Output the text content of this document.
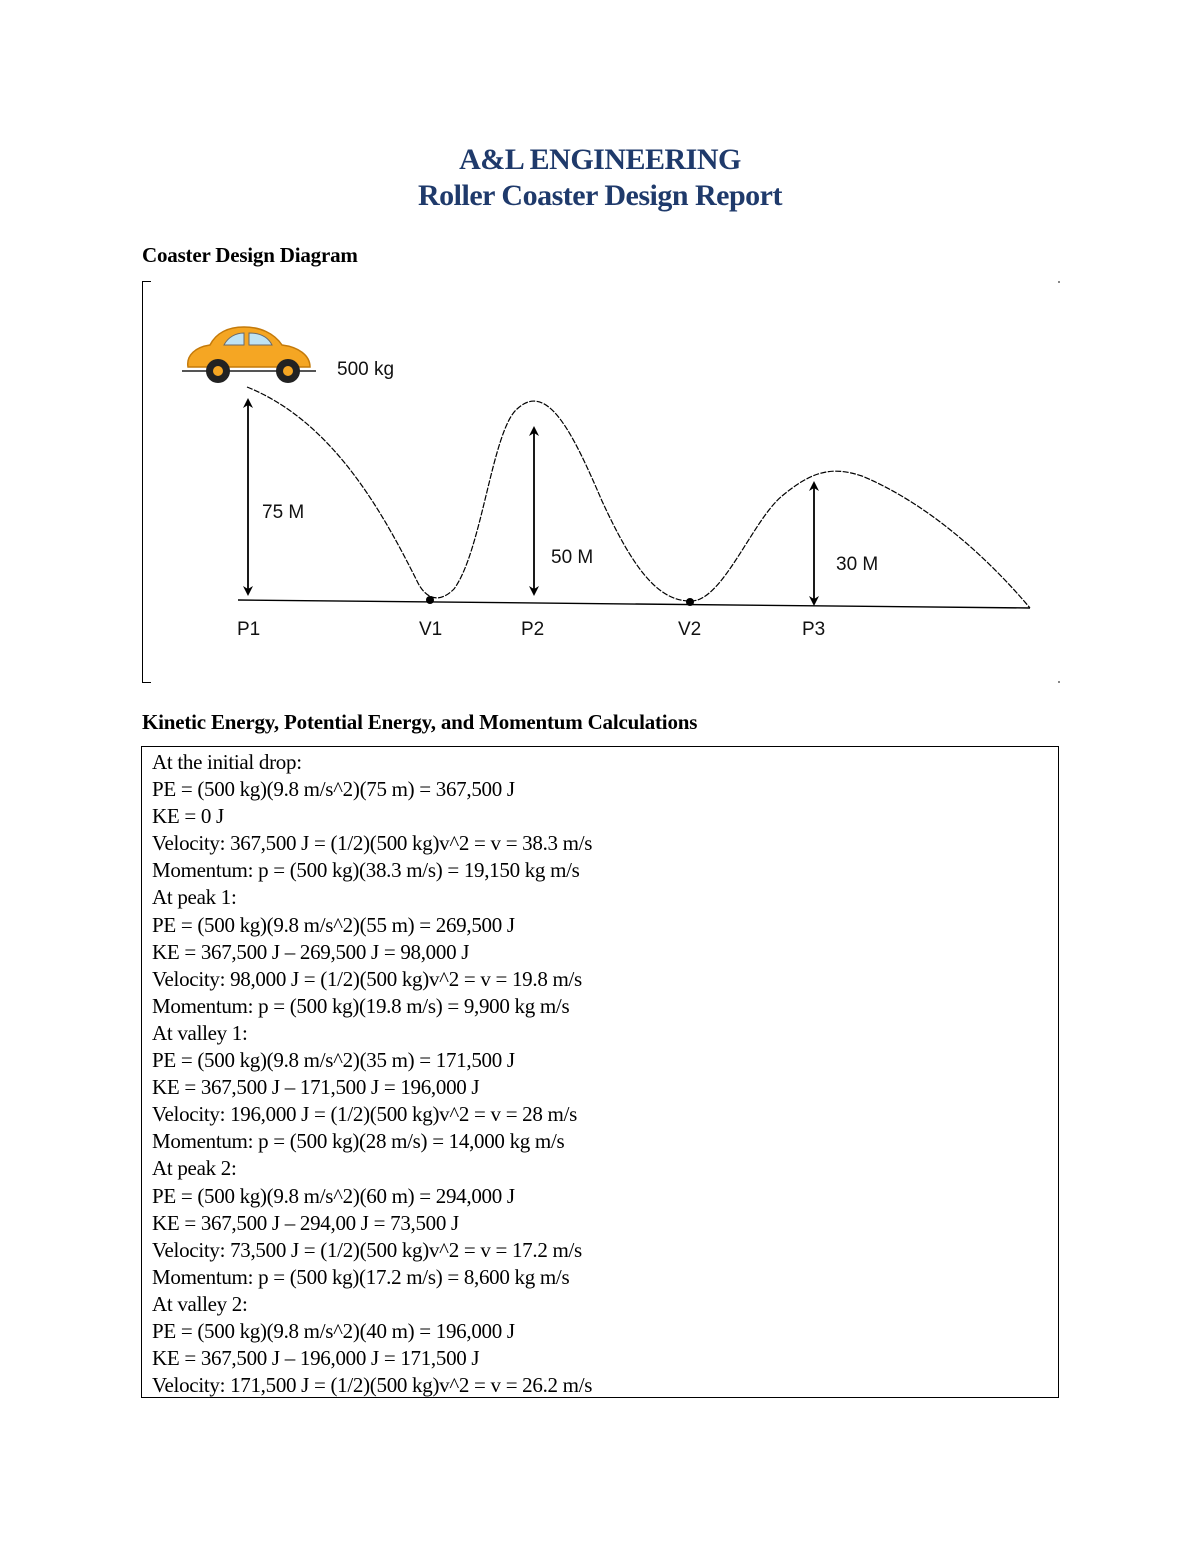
A&L ENGINEERING
Roller Coaster Design Report
Coaster Design Diagram
75 M
50 M	30 M
500 kg
P1	V1	P2	V2	P3
Kinetic Energy, Potential Energy, and Momentum Calculations
At the initial drop:
PE = (500 kg)(9.8 m/s^2)(75 m) = 367,500 J
KE = 0 J
Velocity: 367,500 J = (1/2)(500 kg)v^2 = v = 38.3 m/s
Momentum: p = (500 kg)(38.3 m/s) = 19,150 kg m/s
At peak 1:
PE = (500 kg)(9.8 m/s^2)(55 m) = 269,500 J
KE = 367,500 J – 269,500 J = 98,000 J
Velocity: 98,000 J = (1/2)(500 kg)v^2 = v = 19.8 m/s
Momentum: p = (500 kg)(19.8 m/s) = 9,900 kg m/s
At valley 1:
PE = (500 kg)(9.8 m/s^2)(35 m) = 171,500 J
KE = 367,500 J – 171,500 J = 196,000 J
Velocity: 196,000 J = (1/2)(500 kg)v^2 = v = 28 m/s
Momentum: p = (500 kg)(28 m/s) = 14,000 kg m/s
At peak 2:
PE = (500 kg)(9.8 m/s^2)(60 m) = 294,000 J
KE = 367,500 J – 294,00 J = 73,500 J
Velocity: 73,500 J = (1/2)(500 kg)v^2 = v = 17.2 m/s
Momentum: p = (500 kg)(17.2 m/s) = 8,600 kg m/s
At valley 2:
PE = (500 kg)(9.8 m/s^2)(40 m) = 196,000 J
KE = 367,500 J – 196,000 J = 171,500 J
Velocity: 171,500 J = (1/2)(500 kg)v^2 = v = 26.2 m/s
